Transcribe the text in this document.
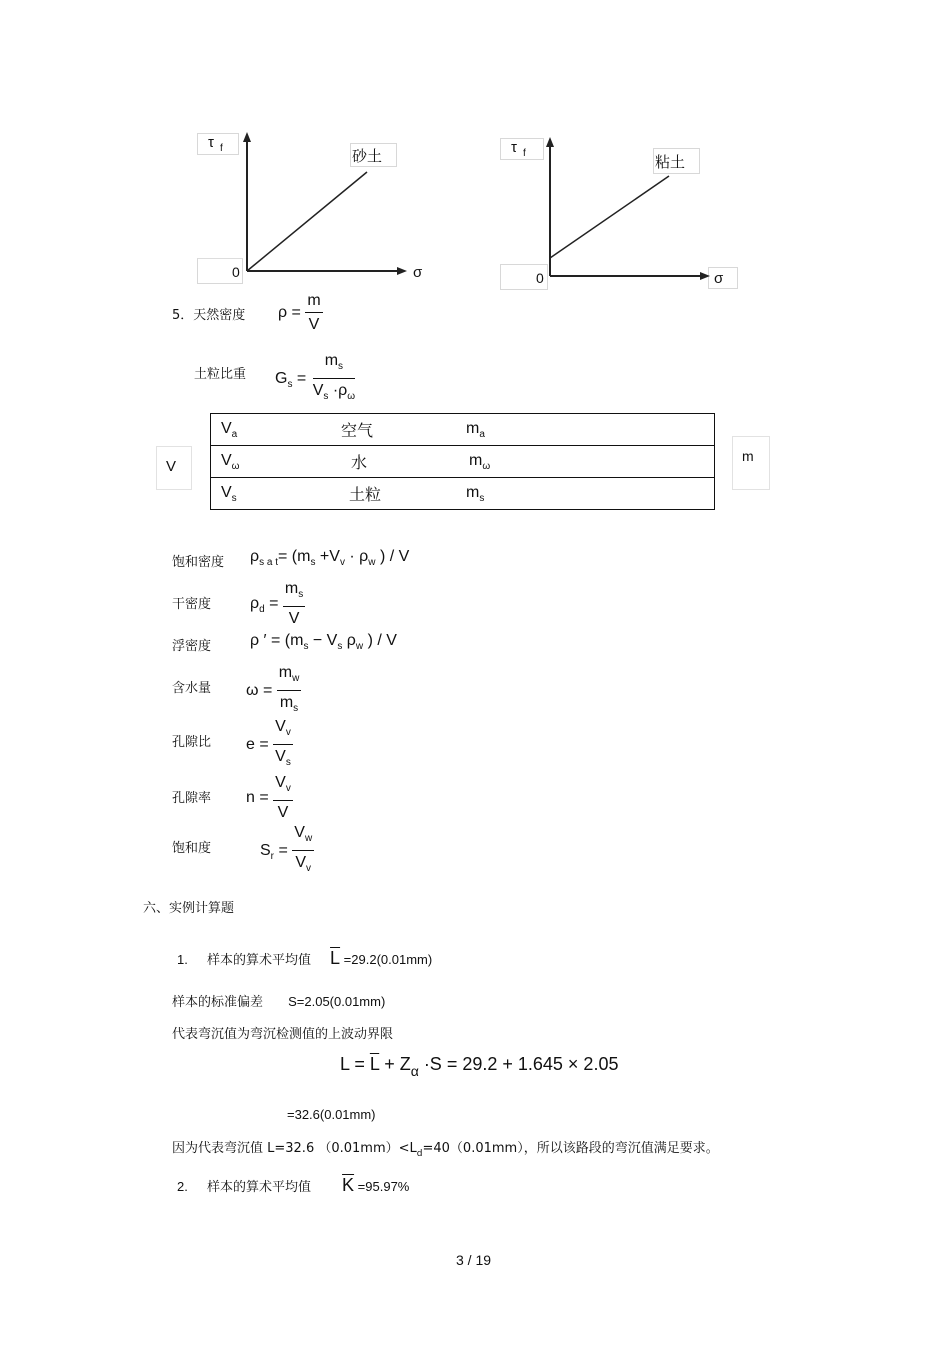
τ $_f$	砂土
0	σ
τ $_f$	粘土
0	σ
5．天然密度 $\rho = \frac{m}{V}$
土粒比重 $G_s = \frac{m_s}{V_s \cdot\rho_\omega}$
V
m
$V_a$	空气	$m_a$
$V_\omega$	水	$m_\omega$
$V_s$	土粒	$m_s$
饱和密度 $\rho_{s a t}= (m_s +V_v \cdot \rho_w$ ) / V
干密度 $\rho_d = \frac{m_s}{V}$
浮密度 ρ ′ = ($m_s - V_s$ $\rho_w$ ) / V
含水量 $\omega = \frac{m_w}{m_s}$
孔隙比 $e = \frac{V_v}{V_s}$
孔隙率 $n = \frac{V_v}{V}$
饱和度	$S_r = \frac{V_w}{V_v}$
六、实例计算题
1. 样本的算术平均值 $\overline{L} =29.2(0.01mm)$
样本的标准偏差 S=2.05(0.01mm)
代表弯沉值为弯沉检测值的上波动界限
$L = \overline{L} + Z_\alpha \cdot S = 29.2 + 1.645 \times 2.05$
=32.6(0.01mm)
因为代表弯沉值 L=32.6 $(0.01mm)<L_d=40(0.01mm)$，所以该路段的弯沉值满足要求。
2. 样本的算术平均值 $\overline{K} =95.97\%$
3 / 19
